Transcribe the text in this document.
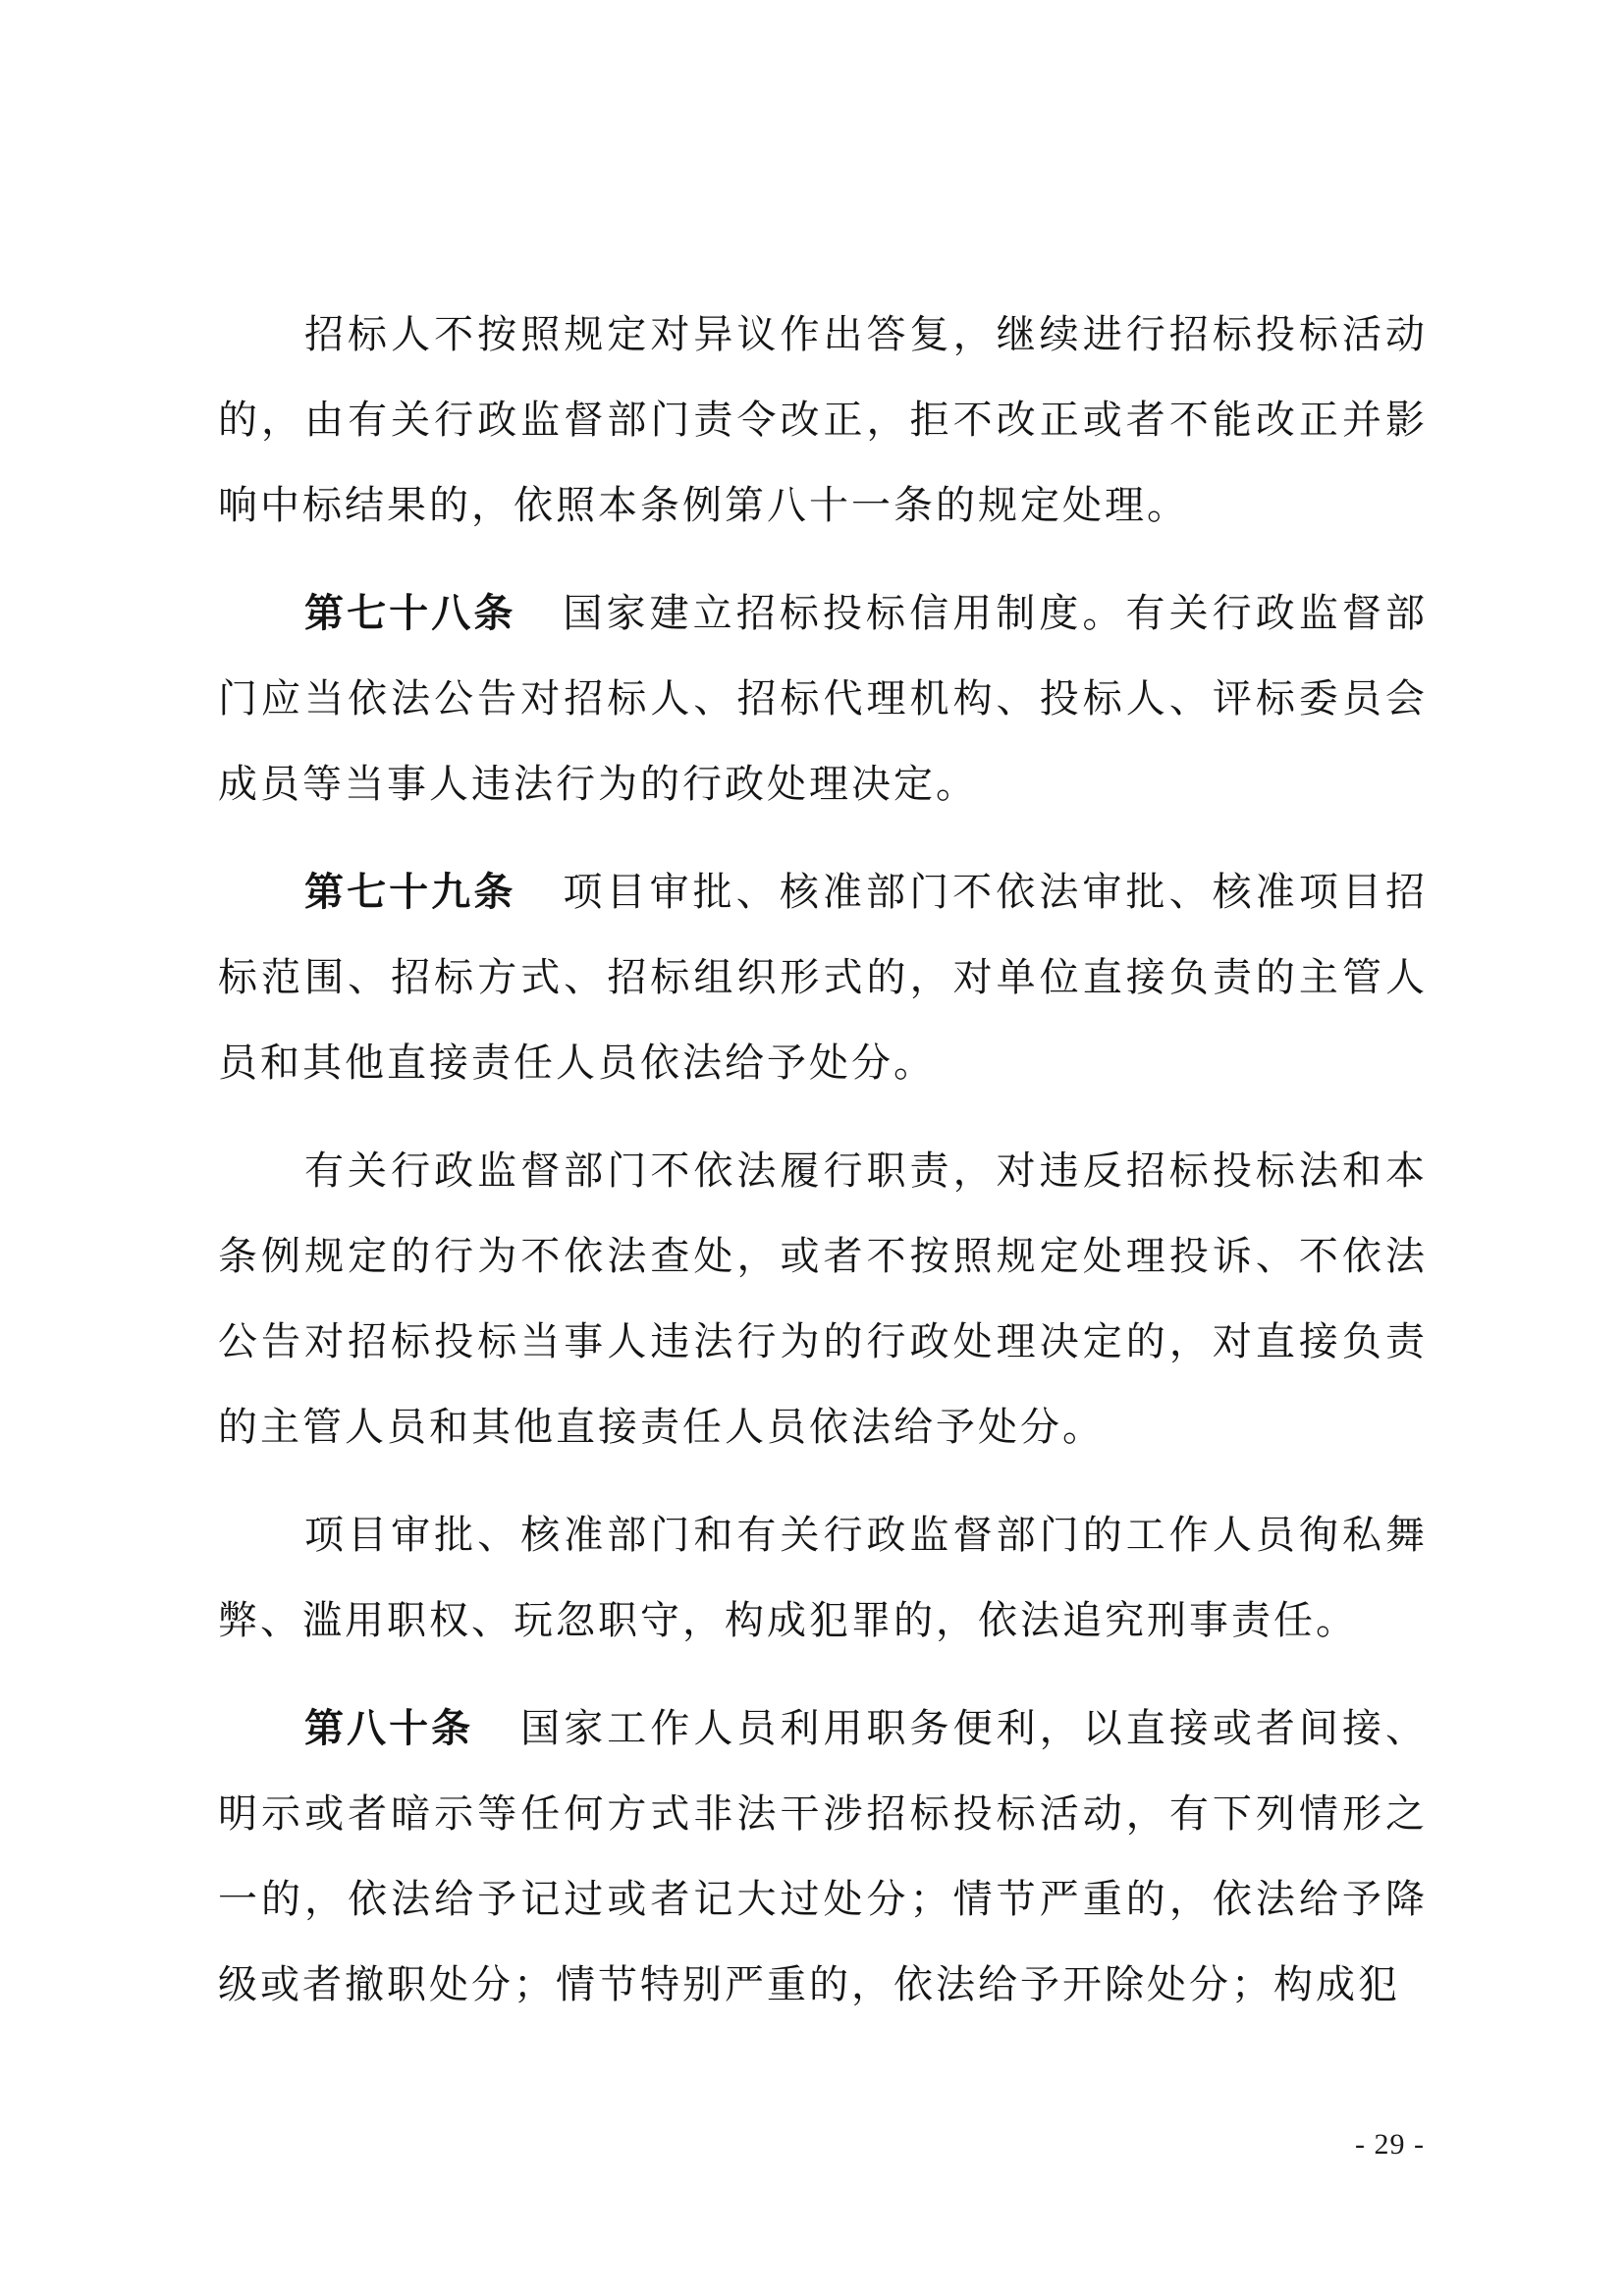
招标人不按照规定对异议作出答复，继续进行招标投标活动的，由有关行政监督部门责令改正，拒不改正或者不能改正并影响中标结果的，依照本条例第八十一条的规定处理。

第七十八条 国家建立招标投标信用制度。有关行政监督部门应当依法公告对招标人、招标代理机构、投标人、评标委员会成员等当事人违法行为的行政处理决定。

第七十九条 项目审批、核准部门不依法审批、核准项目招标范围、招标方式、招标组织形式的，对单位直接负责的主管人员和其他直接责任人员依法给予处分。

有关行政监督部门不依法履行职责，对违反招标投标法和本条例规定的行为不依法查处，或者不按照规定处理投诉、不依法公告对招标投标当事人违法行为的行政处理决定的，对直接负责的主管人员和其他直接责任人员依法给予处分。

项目审批、核准部门和有关行政监督部门的工作人员徇私舞弊、滥用职权、玩忽职守，构成犯罪的，依法追究刑事责任。

第八十条 国家工作人员利用职务便利，以直接或者间接、明示或者暗示等任何方式非法干涉招标投标活动，有下列情形之一的，依法给予记过或者记大过处分；情节严重的，依法给予降级或者撤职处分；情节特别严重的，依法给予开除处分；构成犯

- 29 -
